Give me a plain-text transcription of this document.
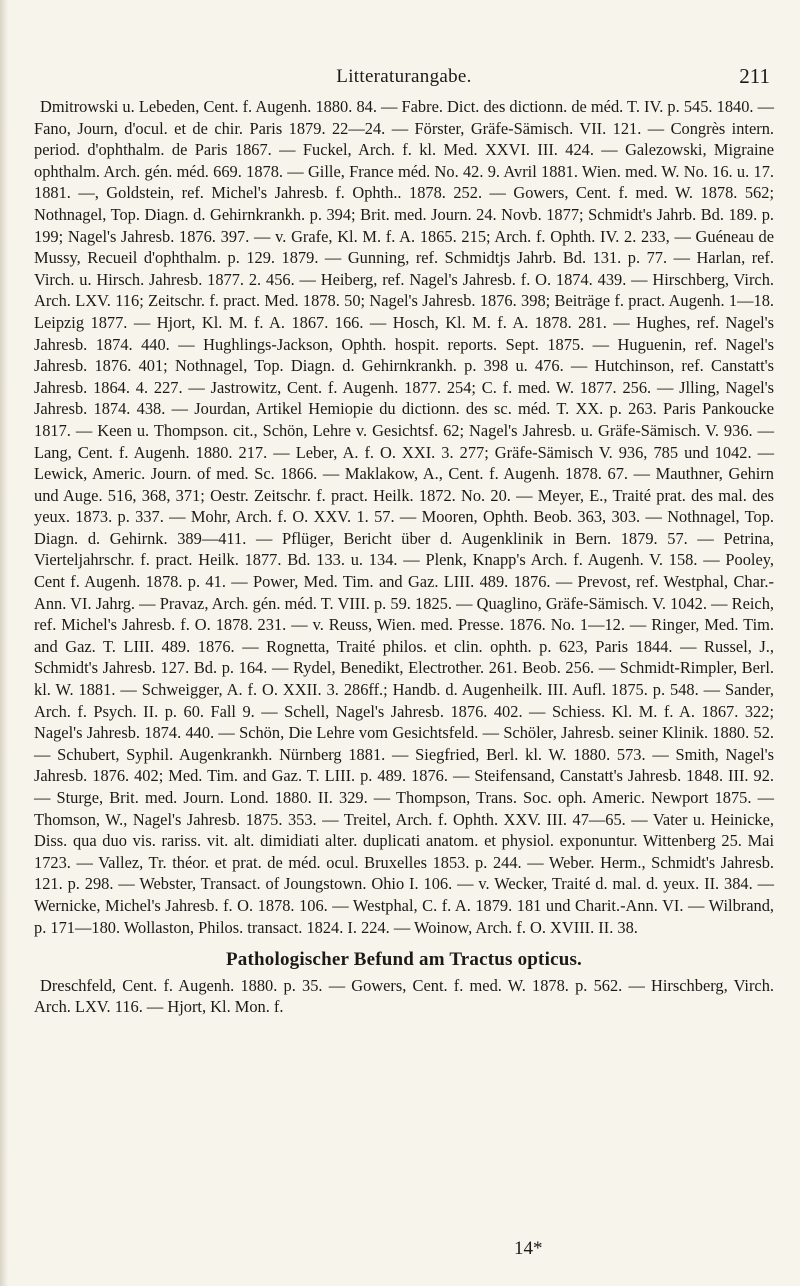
Litteraturangabe.	211

Dmitrowski u. Lebeden, Cent. f. Augenh. 1880. 84. — Fabre. Dict. des dictionn. de méd. T. IV. p. 545. 1840. — Fano, Journ, d'ocul. et de chir. Paris 1879. 22—24. — Förster, Gräfe-Sämisch. VII. 121. — Congrès intern. period. d'ophthalm. de Paris 1867. — Fuckel, Arch. f. kl. Med. XXVI. III. 424. — Galezowski, Migraine ophthalm. Arch. gén. méd. 669. 1878. — Gille, France méd. No. 42. 9. Avril 1881. Wien. med. W. No. 16. u. 17. 1881. —, Goldstein, ref. Michel's Jahresb. f. Ophth.. 1878. 252. — Gowers, Cent. f. med. W. 1878. 562; Nothnagel, Top. Diagn. d. Gehirnkrankh. p. 394; Brit. med. Journ. 24. Novb. 1877; Schmidt's Jahrb. Bd. 189. p. 199; Nagel's Jahresb. 1876. 397. — v. Grafe, Kl. M. f. A. 1865. 215; Arch. f. Ophth. IV. 2. 233, — Guéneau de Mussy, Recueil d'ophthalm. p. 129. 1879. — Gunning, ref. Schmidtjs Jahrb. Bd. 131. p. 77. — Harlan, ref. Virch. u. Hirsch. Jahresb. 1877. 2. 456. — Heiberg, ref. Nagel's Jahresb. f. O. 1874. 439. — Hirschberg, Virch. Arch. LXV. 116; Zeitschr. f. pract. Med. 1878. 50; Nagel's Jahresb. 1876. 398; Beiträge f. pract. Augenh. 1—18. Leipzig 1877. — Hjort, Kl. M. f. A. 1867. 166. — Hosch, Kl. M. f. A. 1878. 281. — Hughes, ref. Nagel's Jahresb. 1874. 440. — Hughlings-Jackson, Ophth. hospit. reports. Sept. 1875. — Huguenin, ref. Nagel's Jahresb. 1876. 401; Nothnagel, Top. Diagn. d. Gehirnkrankh. p. 398 u. 476. — Hutchinson, ref. Canstatt's Jahresb. 1864. 4. 227. — Jastrowitz, Cent. f. Augenh. 1877. 254; C. f. med. W. 1877. 256. — Jlling, Nagel's Jahresb. 1874. 438. — Jourdan, Artikel Hemiopie du dictionn. des sc. méd. T. XX. p. 263. Paris Pankoucke 1817. — Keen u. Thompson. cit., Schön, Lehre v. Gesichtsf. 62; Nagel's Jahresb. u. Gräfe-Sämisch. V. 936. — Lang, Cent. f. Augenh. 1880. 217. — Leber, A. f. O. XXI. 3. 277; Gräfe-Sämisch V. 936, 785 und 1042. — Lewick, Americ. Journ. of med. Sc. 1866. — Maklakow, A., Cent. f. Augenh. 1878. 67. — Mauthner, Gehirn und Auge. 516, 368, 371; Oestr. Zeitschr. f. pract. Heilk. 1872. No. 20. — Meyer, E., Traité prat. des mal. des yeux. 1873. p. 337. — Mohr, Arch. f. O. XXV. 1. 57. — Mooren, Ophth. Beob. 363, 303. — Nothnagel, Top. Diagn. d. Gehirnk. 389—411. — Pflüger, Bericht über d. Augenklinik in Bern. 1879. 57. — Petrina, Vierteljahrschr. f. pract. Heilk. 1877. Bd. 133. u. 134. — Plenk, Knapp's Arch. f. Augenh. V. 158. — Pooley, Cent f. Augenh. 1878. p. 41. — Power, Med. Tim. and Gaz. LIII. 489. 1876. — Prevost, ref. Westphal, Char.-Ann. VI. Jahrg. — Pravaz, Arch. gén. méd. T. VIII. p. 59. 1825. — Quaglino, Gräfe-Sämisch. V. 1042. — Reich, ref. Michel's Jahresb. f. O. 1878. 231. — v. Reuss, Wien. med. Presse. 1876. No. 1—12. — Ringer, Med. Tim. and Gaz. T. LIII. 489. 1876. — Rognetta, Traité philos. et clin. ophth. p. 623, Paris 1844. — Russel, J., Schmidt's Jahresb. 127. Bd. p. 164. — Rydel, Benedikt, Electrother. 261. Beob. 256. — Schmidt-Rimpler, Berl. kl. W. 1881. — Schweigger, A. f. O. XXII. 3. 286ff.; Handb. d. Augenheilk. III. Aufl. 1875. p. 548. — Sander, Arch. f. Psych. II. p. 60. Fall 9. — Schell, Nagel's Jahresb. 1876. 402. — Schiess. Kl. M. f. A. 1867. 322; Nagel's Jahresb. 1874. 440. — Schön, Die Lehre vom Gesichtsfeld. — Schöler, Jahresb. seiner Klinik. 1880. 52. — Schubert, Syphil. Augenkrankh. Nürnberg 1881. — Siegfried, Berl. kl. W. 1880. 573. — Smith, Nagel's Jahresb. 1876. 402; Med. Tim. and Gaz. T. LIII. p. 489. 1876. — Steifensand, Canstatt's Jahresb. 1848. III. 92. — Sturge, Brit. med. Journ. Lond. 1880. II. 329. — Thompson, Trans. Soc. oph. Americ. Newport 1875. — Thomson, W., Nagel's Jahresb. 1875. 353. — Treitel, Arch. f. Ophth. XXV. III. 47—65. — Vater u. Heinicke, Diss. qua duo vis. rariss. vit. alt. dimidiati alter. duplicati anatom. et physiol. exponuntur. Wittenberg 25. Mai 1723. — Vallez, Tr. théor. et prat. de méd. ocul. Bruxelles 1853. p. 244. — Weber. Herm., Schmidt's Jahresb. 121. p. 298. — Webster, Transact. of Joungstown. Ohio I. 106. — v. Wecker, Traité d. mal. d. yeux. II. 384. — Wernicke, Michel's Jahresb. f. O. 1878. 106. — Westphal, C. f. A. 1879. 181 und Charit.-Ann. VI. — Wilbrand, p. 171—180. Wollaston, Philos. transact. 1824. I. 224. — Woinow, Arch. f. O. XVIII. II. 38.

Pathologischer Befund am Tractus opticus.

Dreschfeld, Cent. f. Augenh. 1880. p. 35. — Gowers, Cent. f. med. W. 1878. p. 562. — Hirschberg, Virch. Arch. LXV. 116. — Hjort, Kl. Mon. f.

14*
